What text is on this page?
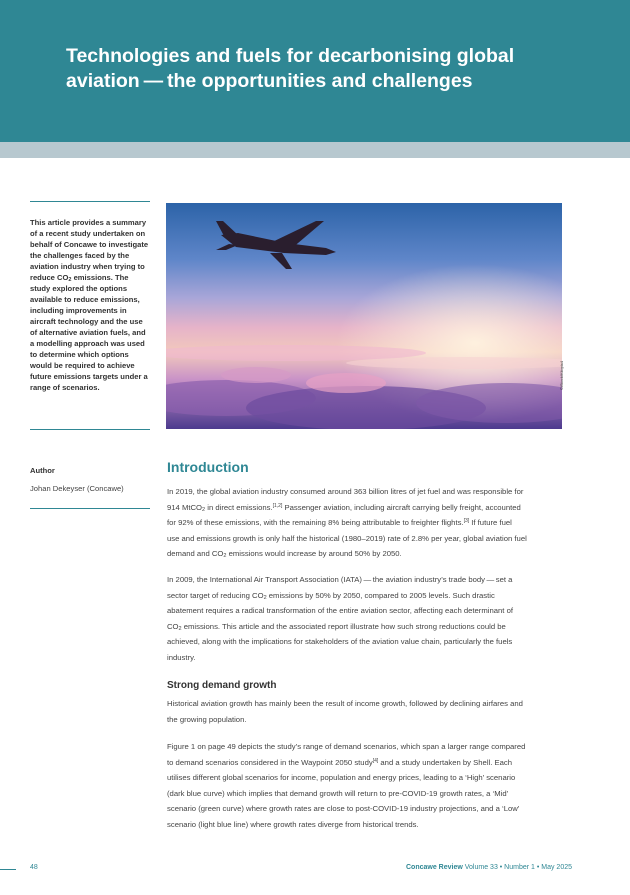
Technologies and fuels for decarbonising global
aviation — the opportunities and challenges
This article provides a summary
of a recent study undertaken on
behalf of Concawe to investigate
the challenges faced by the
aviation industry when trying to
reduce $CO_2$ emissions. The
study explored the options
available to reduce emissions,
including improvements in
aircraft technology and the use
of alternative aviation fuels, and
a modelling approach was used
to determine which options
would be required to achieve
future emissions targets under a
range of scenarios.	©iStock/Kilopix4
Author
Johan Dekeyser (Concawe)
Introduction
In 2019, the global aviation industry consumed around 363 billion litres of jet fuel and was responsible for
914 MtCO$_2$ in direct emissions.[1,2] Passenger aviation, including aircraft carrying belly freight, accounted
for 92% of these emissions, with the remaining 8% being attributable to freighter flights.[3] If future fuel
use and emissions growth is only half the historical (1980–2019) rate of 2.8% per year, global aviation fuel
demand and $CO_2$ emissions would increase by around 50% by 2050.
In 2009, the International Air Transport Association (IATA) — the aviation industry’s trade body — set a
sector target of reducing $CO_2$ emissions by 50% by 2050, compared to 2005 levels. Such drastic
abatement requires a radical transformation of the entire aviation sector, affecting each determinant of
$CO_2$ emissions. This article and the associated report illustrate how such strong reductions could be
achieved, along with the implications for stakeholders of the aviation value chain, particularly the fuels
industry.
Strong demand growth
Historical aviation growth has mainly been the result of income growth, followed by declining airfares and
the growing population.
Figure 1 on page 49 depicts the study’s range of demand scenarios, which span a larger range compared
to demand scenarios considered in the Waypoint 2050 study[4] and a study undertaken by Shell. Each
utilises different global scenarios for income, population and energy prices, leading to a ‘High’ scenario
(dark blue curve) which implies that demand growth will return to pre-COVID-19 growth rates, a ‘Mid’
scenario (green curve) where growth rates are close to post-COVID-19 industry projections, and a ‘Low’
scenario (light blue line) where growth rates diverge from historical trends.
48	Concawe Review Volume 33 • Number 1 • May 2025
